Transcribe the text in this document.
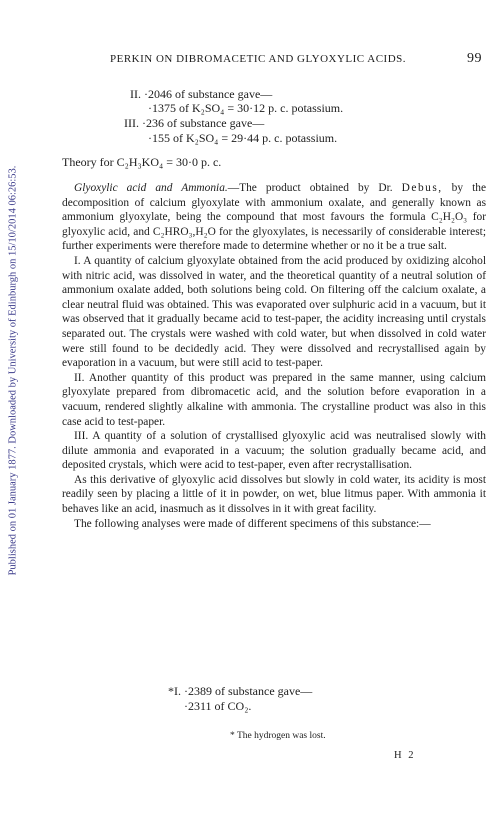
Published on 01 January 1877. Downloaded by University of Edinburgh on 15/10/2014 06:26:53.
PERKIN ON DIBROMACETIC AND GLYOXYLIC ACIDS.	99
II. ·2046 of substance gave—
·1375 of K₂SO₄ = 30·12 p. c. potassium.
III. ·236 of substance gave—
·155 of K₂SO₄ = 29·44 p. c. potassium.
Theory for C₂H₃KO₄ = 30·0 p. c.

Glyoxylic acid and Ammonia.—The product obtained by Dr. Debus, by the decomposition of calcium glyoxylate with ammonium oxalate, and generally known as ammonium glyoxylate, being the compound that most favours the formula C₂H₂O₃ for glyoxylic acid, and C₂HRO₃,H₂O for the glyoxylates, is necessarily of considerable interest; further experiments were therefore made to determine whether or no it be a true salt.

I. A quantity of calcium glyoxylate obtained from the acid produced by oxidizing alcohol with nitric acid, was dissolved in water, and the theoretical quantity of a neutral solution of ammonium oxalate added, both solutions being cold. On filtering off the calcium oxalate, a clear neutral fluid was obtained. This was evaporated over sulphuric acid in a vacuum, but it was observed that it gradually became acid to test-paper, the acidity increasing until crystals separated out. The crystals were washed with cold water, but when dissolved in cold water were still found to be decidedly acid. They were dissolved and recrystallised again by evaporation in a vacuum, but were still acid to test-paper.

II. Another quantity of this product was prepared in the same manner, using calcium glyoxylate prepared from dibromacetic acid, and the solution before evaporation in a vacuum, rendered slightly alkaline with ammonia. The crystalline product was also in this case acid to test-paper.

III. A quantity of a solution of crystallised glyoxylic acid was neutralised slowly with dilute ammonia and evaporated in a vacuum; the solution gradually became acid, and deposited crystals, which were acid to test-paper, even after recrystallisation.

As this derivative of glyoxylic acid dissolves but slowly in cold water, its acidity is most readily seen by placing a little of it in powder, on wet, blue litmus paper. With ammonia it behaves like an acid, inasmuch as it dissolves in it with great facility.

The following analyses were made of different specimens of this substance:—

*I. ·2389 of substance gave—
·2311 of CO₂.
* The hydrogen was lost.
H 2
